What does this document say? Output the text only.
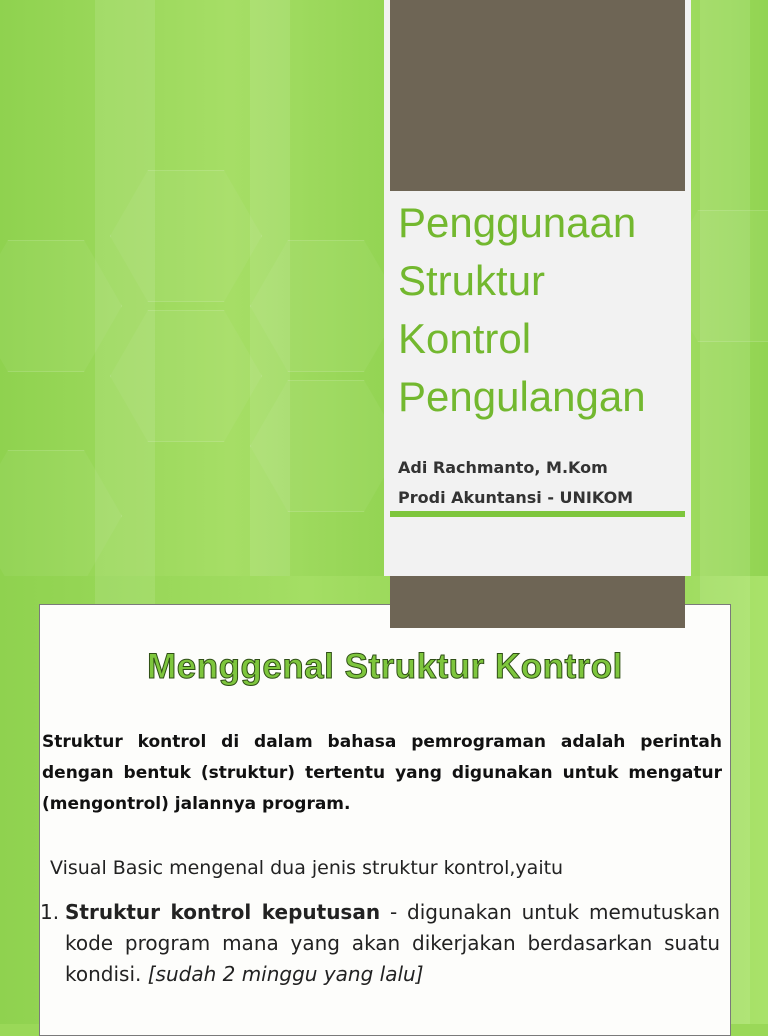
Penggunaan Struktur Kontrol Pengulangan
Adi Rachmanto, M.Kom
Prodi Akuntansi - UNIKOM
Menggenal Struktur Kontrol

Struktur kontrol di dalam bahasa pemrograman adalah perintah dengan bentuk (struktur) tertentu yang digunakan untuk mengatur (mengontrol) jalannya program.

Visual Basic mengenal dua jenis struktur kontrol,yaitu

1. Struktur kontrol keputusan - digunakan untuk memutuskan kode program mana yang akan dikerjakan berdasarkan suatu kondisi. [sudah 2 minggu yang lalu]
